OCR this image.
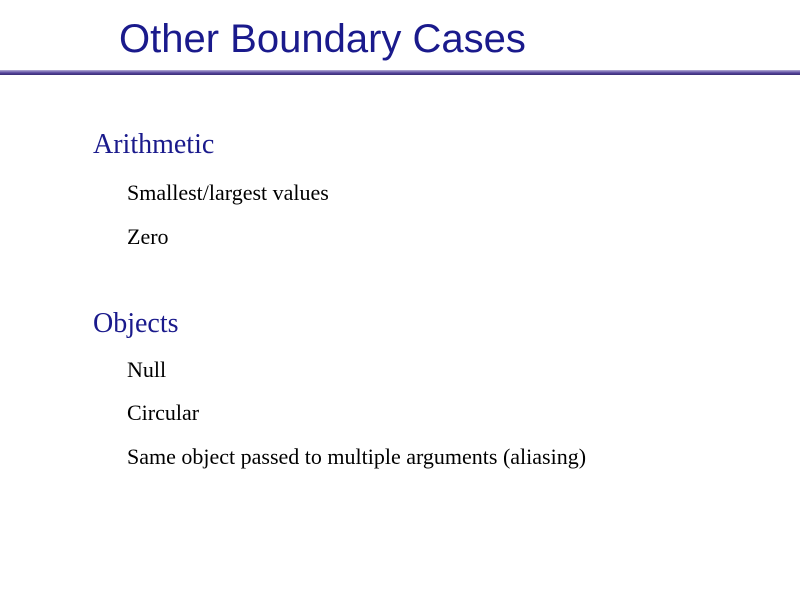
Other Boundary Cases
Arithmetic

Smallest/largest values

Zero

Objects

Null

Circular

Same object passed to multiple arguments (aliasing)
